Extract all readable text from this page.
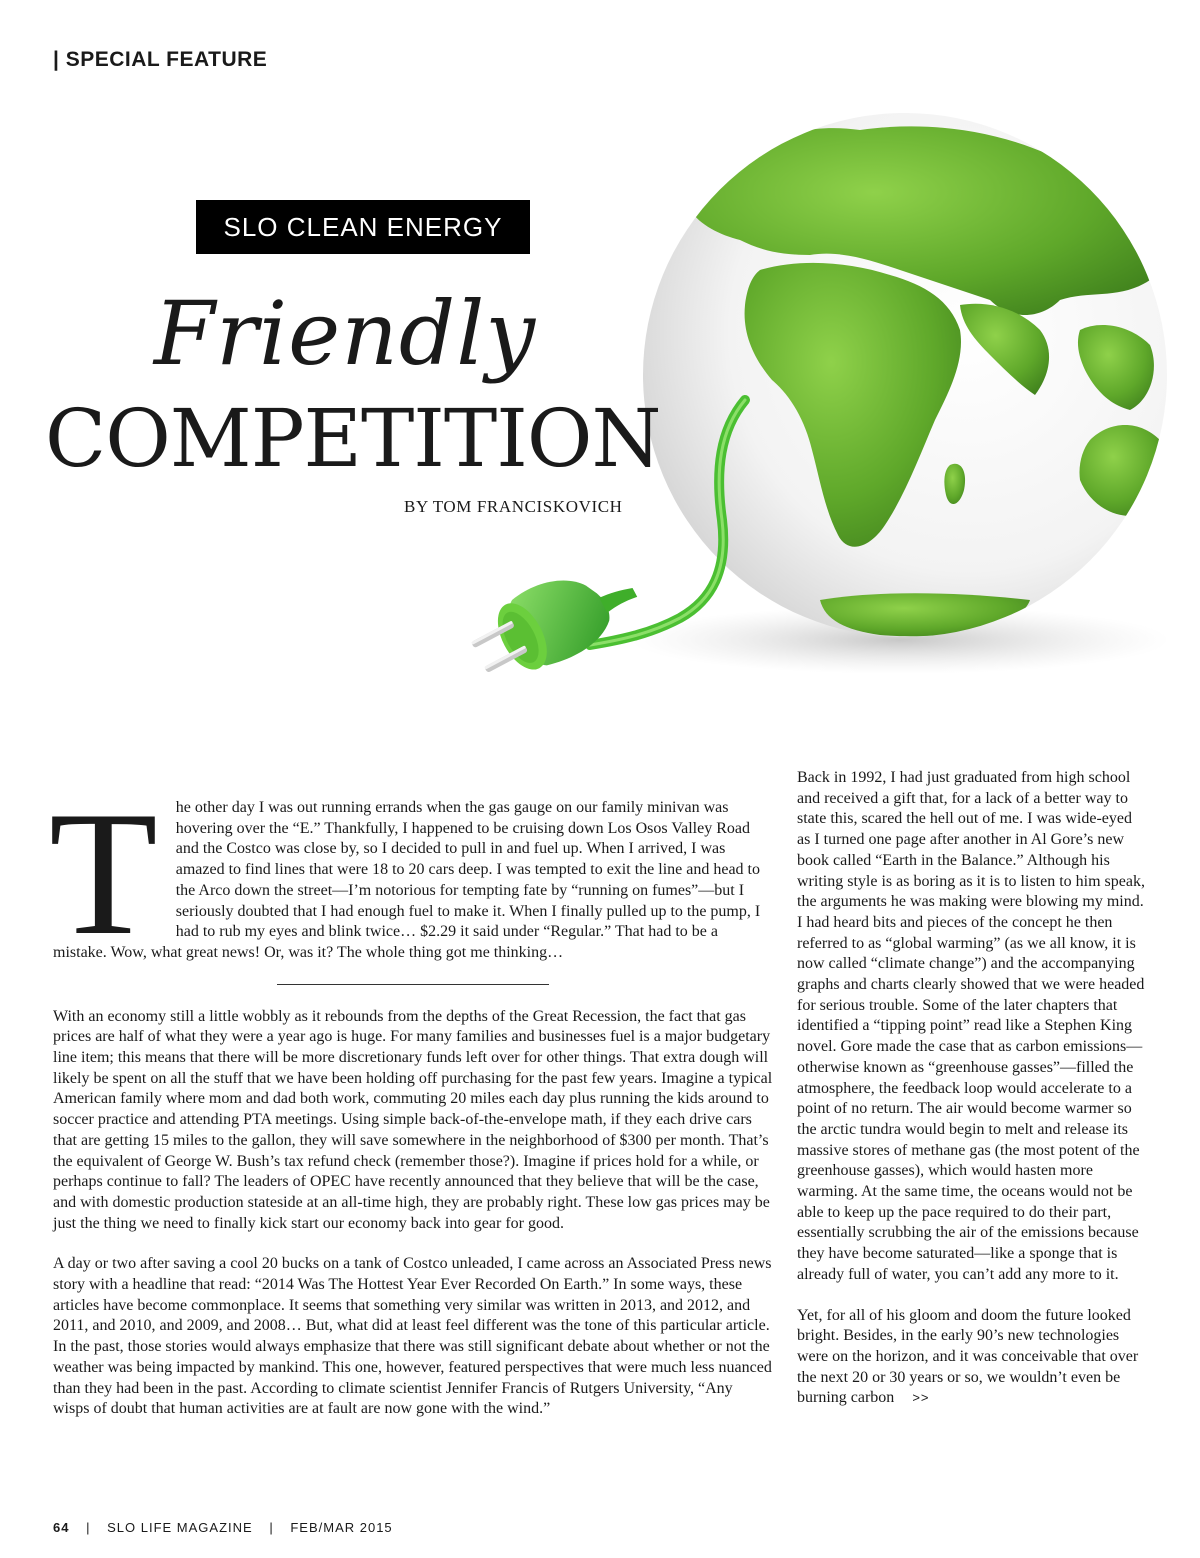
| SPECIAL FEATURE
SLO CLEAN ENERGY
Friendly
COMPETITION
BY TOM FRANCISKOVICH

T he other day I was out running errands when the gas gauge on our family minivan was hovering over the “E.” Thankfully, I happened to be cruising down Los Osos Valley Road and the Costco was close by, so I decided to pull in and fuel up. When I arrived, I was amazed to find lines that were 18 to 20 cars deep. I was tempted to exit the line and head to the Arco down the street—I’m notorious for tempting fate by “running on fumes”—but I seriously doubted that I had enough fuel to make it. When I finally pulled up to the pump, I had to rub my eyes and blink twice… $2.29 it said under “Regular.” That had to be a mistake. Wow, what great news! Or, was it? The whole thing got me thinking…

With an economy still a little wobbly as it rebounds from the depths of the Great Recession, the fact that gas prices are half of what they were a year ago is huge. For many families and businesses fuel is a major budgetary line item; this means that there will be more discretionary funds left over for other things. That extra dough will likely be spent on all the stuff that we have been holding off purchasing for the past few years. Imagine a typical American family where mom and dad both work, commuting 20 miles each day plus running the kids around to soccer practice and attending PTA meetings. Using simple back-of-the-envelope math, if they each drive cars that are getting 15 miles to the gallon, they will save somewhere in the neighborhood of $300 per month. That’s the equivalent of George W. Bush’s tax refund check (remember those?). Imagine if prices hold for a while, or perhaps continue to fall? The leaders of OPEC have recently announced that they believe that will be the case, and with domestic production stateside at an all-time high, they are probably right. These low gas prices may be just the thing we need to finally kick start our economy back into gear for good.

A day or two after saving a cool 20 bucks on a tank of Costco unleaded, I came across an Associated Press news story with a headline that read: “2014 Was The Hottest Year Ever Recorded On Earth.” In some ways, these articles have become commonplace. It seems that something very similar was written in 2013, and 2012, and 2011, and 2010, and 2009, and 2008… But, what did at least feel different was the tone of this particular article. In the past, those stories would always emphasize that there was still significant debate about whether or not the weather was being impacted by mankind. This one, however, featured perspectives that were much less nuanced than they had been in the past. According to climate scientist Jennifer Francis of Rutgers University, “Any wisps of doubt that human activities are at fault are now gone with the wind.”

Back in 1992, I had just graduated from high school and received a gift that, for a lack of a better way to state this, scared the hell out of me. I was wide-eyed as I turned one page after another in Al Gore’s new book called “Earth in the Balance.” Although his writing style is as boring as it is to listen to him speak, the arguments he was making were blowing my mind. I had heard bits and pieces of the concept he then referred to as “global warming” (as we all know, it is now called “climate change”) and the accompanying graphs and charts clearly showed that we were headed for serious trouble. Some of the later chapters that identified a “tipping point” read like a Stephen King novel. Gore made the case that as carbon emissions—otherwise known as “greenhouse gasses”—filled the atmosphere, the feedback loop would accelerate to a point of no return. The air would become warmer so the arctic tundra would begin to melt and release its massive stores of methane gas (the most potent of the greenhouse gasses), which would hasten more warming. At the same time, the oceans would not be able to keep up the pace required to do their part, essentially scrubbing the air of the emissions because they have become saturated—like a sponge that is already full of water, you can’t add any more to it.

Yet, for all of his gloom and doom the future looked bright. Besides, in the early 90’s new technologies were on the horizon, and it was conceivable that over the next 20 or 30 years or so, we wouldn’t even be burning carbon >>

64 | SLO LIFE MAGAZINE | FEB/MAR 2015
